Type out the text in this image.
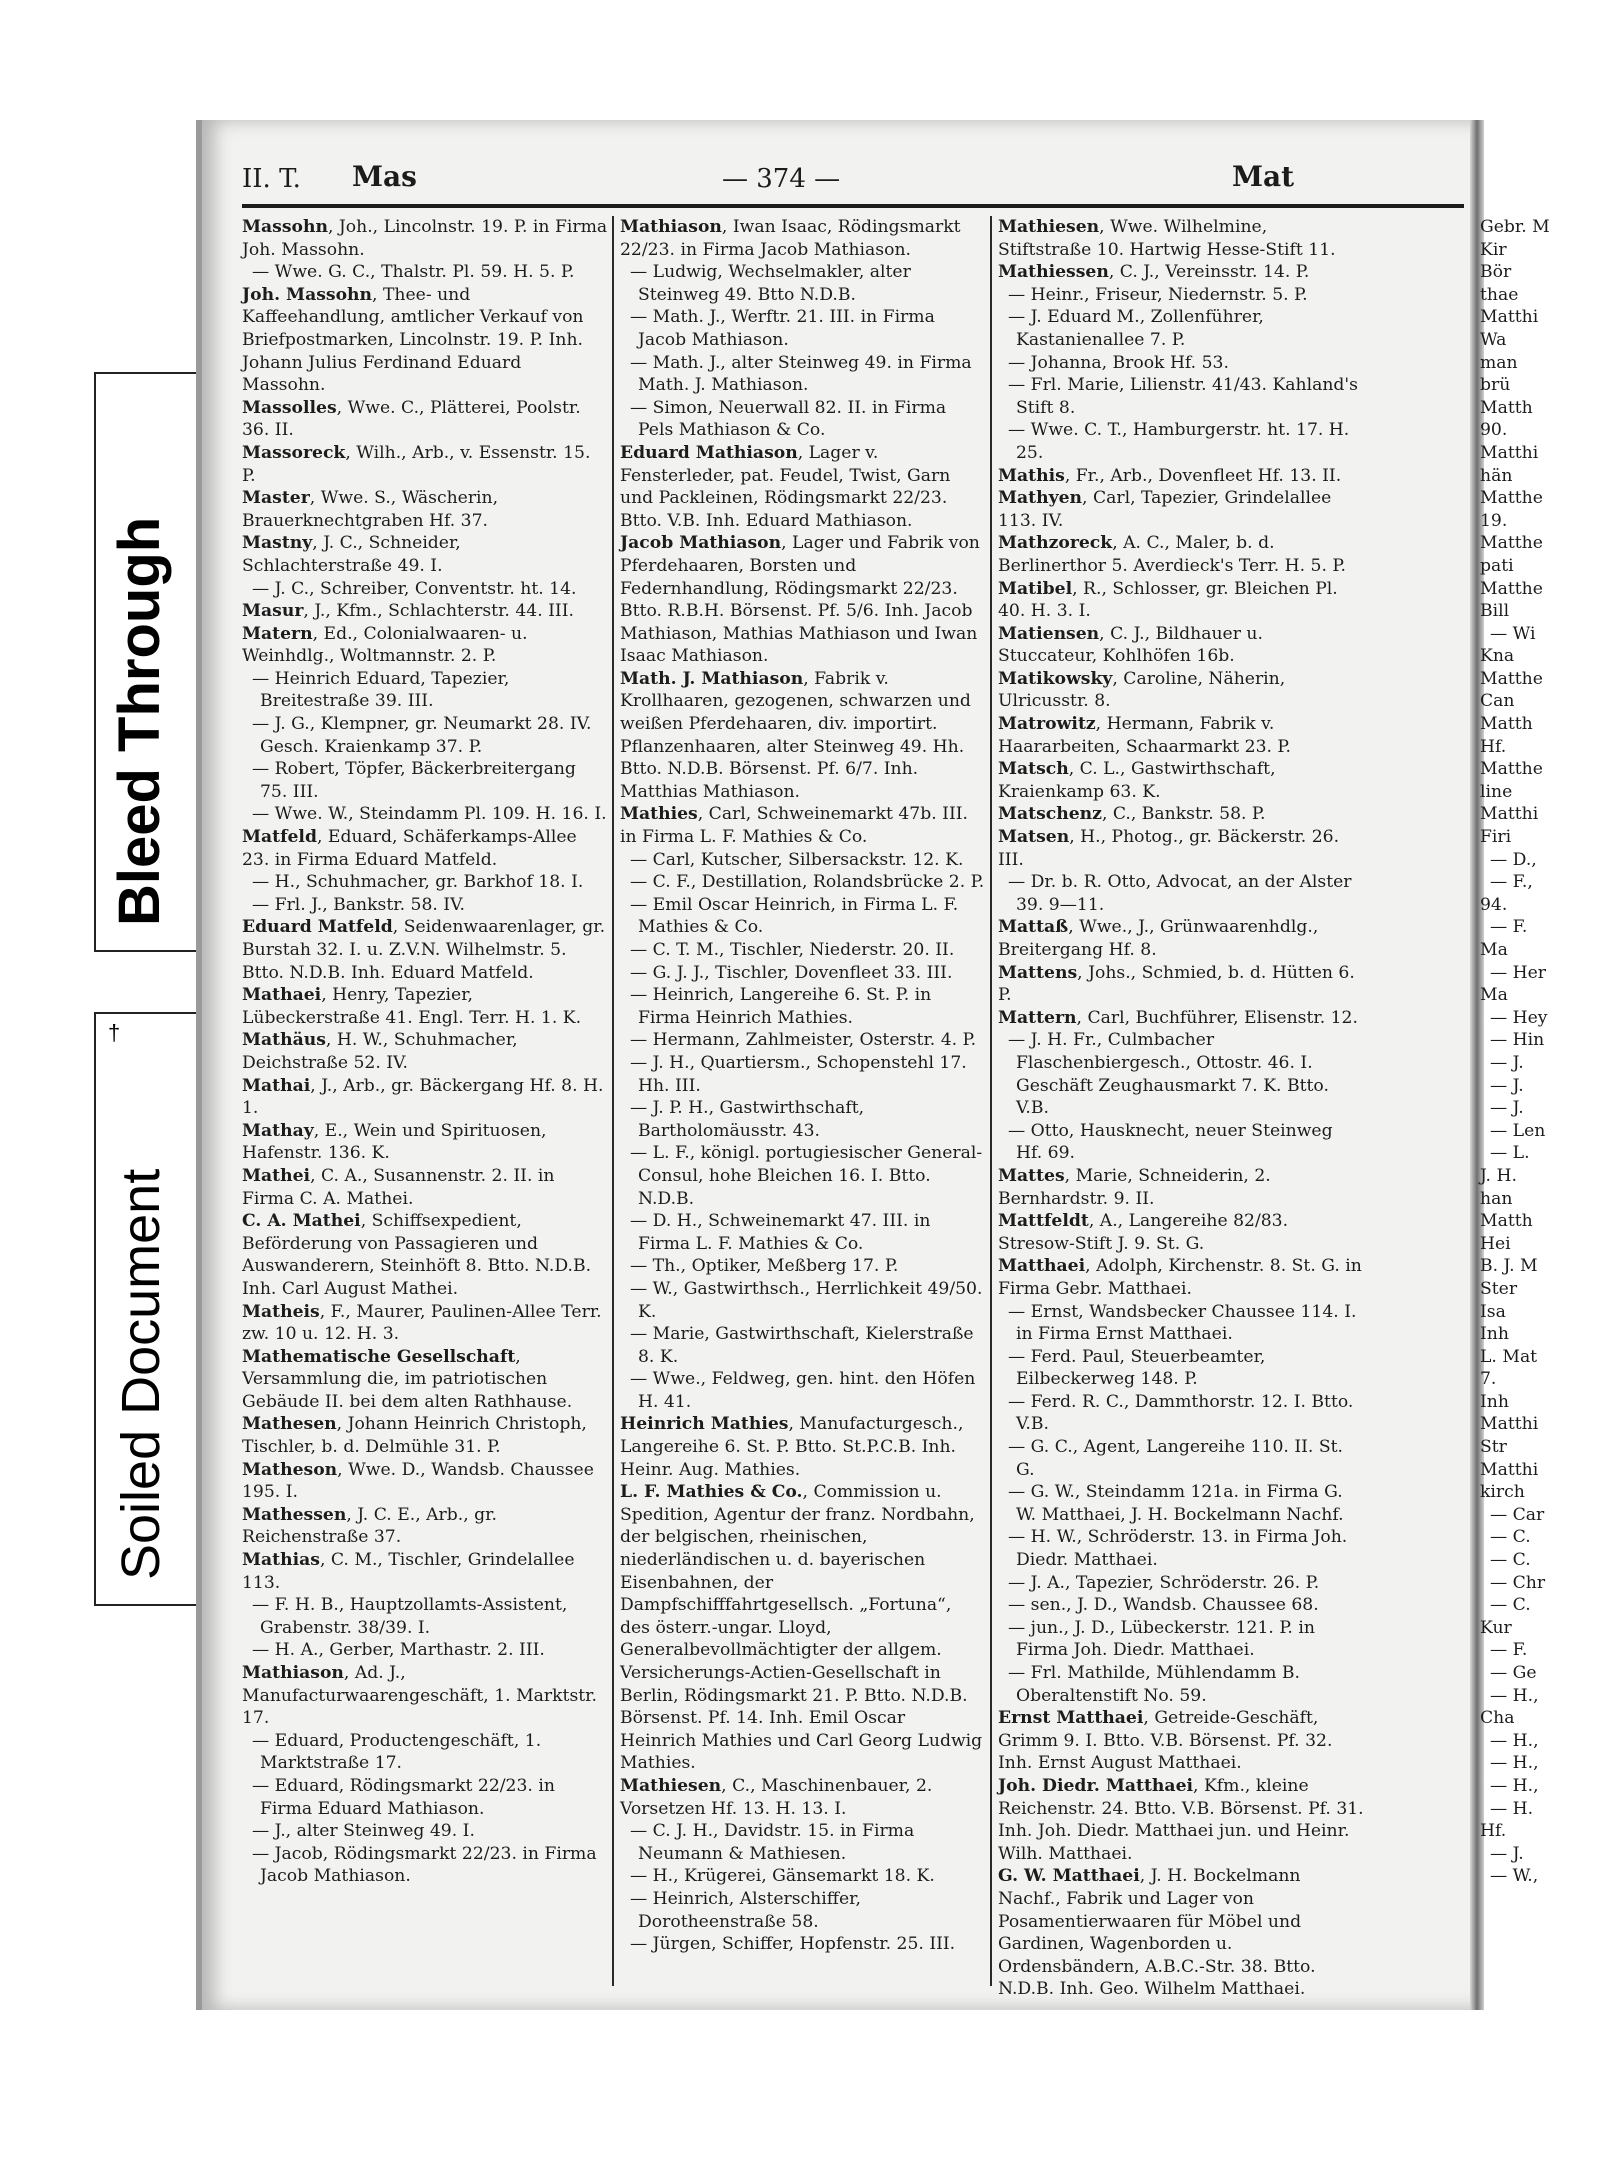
Bleed Through
†
Soiled Document
II. T. Mas	— 374 —	Mat

Massohn, Joh., Lincolnstr. 19. P. in Firma Joh. Massohn.

— Wwe. G. C., Thalstr. Pl. 59. H. 5. P.

Joh. Massohn, Thee- und Kaffeehandlung, amtlicher Verkauf von Briefpostmarken, Lincolnstr. 19. P. Inh. Johann Julius Ferdinand Eduard Massohn.

Massolles, Wwe. C., Plätterei, Poolstr. 36. II.

Massoreck, Wilh., Arb., v. Essenstr. 15. P.

Master, Wwe. S., Wäscherin, Brauerknechtgraben Hf. 37.

Mastny, J. C., Schneider, Schlachterstraße 49. I.

— J. C., Schreiber, Conventstr. ht. 14.

Masur, J., Kfm., Schlachterstr. 44. III.

Matern, Ed., Colonialwaaren- u. Weinhdlg., Woltmannstr. 2. P.

— Heinrich Eduard, Tapezier, Breitestraße 39. III.

— J. G., Klempner, gr. Neumarkt 28. IV. Gesch. Kraienkamp 37. P.

— Robert, Töpfer, Bäckerbreitergang 75. III.

— Wwe. W., Steindamm Pl. 109. H. 16. I.

Matfeld, Eduard, Schäferkamps-Allee 23. in Firma Eduard Matfeld.

— H., Schuhmacher, gr. Barkhof 18. I.

— Frl. J., Bankstr. 58. IV.

Eduard Matfeld, Seidenwaarenlager, gr. Burstah 32. I. u. Z.V.N. Wilhelmstr. 5. Btto. N.D.B. Inh. Eduard Matfeld.

Mathaei, Henry, Tapezier, Lübeckerstraße 41. Engl. Terr. H. 1. K.

Mathäus, H. W., Schuhmacher, Deichstraße 52. IV.

Mathai, J., Arb., gr. Bäckergang Hf. 8. H. 1.

Mathay, E., Wein und Spirituosen, Hafenstr. 136. K.

Mathei, C. A., Susannenstr. 2. II. in Firma C. A. Mathei.

C. A. Mathei, Schiffsexpedient, Beförderung von Passagieren und Auswanderern, Steinhöft 8. Btto. N.D.B. Inh. Carl August Mathei.

Matheis, F., Maurer, Paulinen-Allee Terr. zw. 10 u. 12. H. 3.

Mathematische Gesellschaft, Versammlung die, im patriotischen Gebäude II. bei dem alten Rathhause.

Mathesen, Johann Heinrich Christoph, Tischler, b. d. Delmühle 31. P.

Matheson, Wwe. D., Wandsb. Chaussee 195. I.

Mathessen, J. C. E., Arb., gr. Reichenstraße 37.

Mathias, C. M., Tischler, Grindelallee 113.

— F. H. B., Hauptzollamts-Assistent, Grabenstr. 38/39. I.

— H. A., Gerber, Marthastr. 2. III.

Mathiason, Ad. J., Manufacturwaarengeschäft, 1. Marktstr. 17.

— Eduard, Productengeschäft, 1. Marktstraße 17.

— Eduard, Rödingsmarkt 22/23. in Firma Eduard Mathiason.

— J., alter Steinweg 49. I.

— Jacob, Rödingsmarkt 22/23. in Firma Jacob Mathiason.

Mathiason, Iwan Isaac, Rödingsmarkt 22/23. in Firma Jacob Mathiason.

— Ludwig, Wechselmakler, alter Steinweg 49. Btto N.D.B.

— Math. J., Werftr. 21. III. in Firma Jacob Mathiason.

— Math. J., alter Steinweg 49. in Firma Math. J. Mathiason.

— Simon, Neuerwall 82. II. in Firma Pels Mathiason & Co.

Eduard Mathiason, Lager v. Fensterleder, pat. Feudel, Twist, Garn und Packleinen, Rödingsmarkt 22/23. Btto. V.B. Inh. Eduard Mathiason.

Jacob Mathiason, Lager und Fabrik von Pferdehaaren, Borsten und Federnhandlung, Rödingsmarkt 22/23. Btto. R.B.H. Börsenst. Pf. 5/6. Inh. Jacob Mathiason, Mathias Mathiason und Iwan Isaac Mathiason.

Math. J. Mathiason, Fabrik v. Krollhaaren, gezogenen, schwarzen und weißen Pferdehaaren, div. importirt. Pflanzenhaaren, alter Steinweg 49. Hh. Btto. N.D.B. Börsenst. Pf. 6/7. Inh. Matthias Mathiason.

Mathies, Carl, Schweinemarkt 47b. III. in Firma L. F. Mathies & Co.

— Carl, Kutscher, Silbersackstr. 12. K.

— C. F., Destillation, Rolandsbrücke 2. P.

— Emil Oscar Heinrich, in Firma L. F. Mathies & Co.

— C. T. M., Tischler, Niederstr. 20. II.

— G. J. J., Tischler, Dovenfleet 33. III.

— Heinrich, Langereihe 6. St. P. in Firma Heinrich Mathies.

— Hermann, Zahlmeister, Osterstr. 4. P.

— J. H., Quartiersm., Schopenstehl 17. Hh. III.

— J. P. H., Gastwirthschaft, Bartholomäusstr. 43.

— L. F., königl. portugiesischer General-Consul, hohe Bleichen 16. I. Btto. N.D.B.

— D. H., Schweinemarkt 47. III. in Firma L. F. Mathies & Co.

— Th., Optiker, Meßberg 17. P.

— W., Gastwirthsch., Herrlichkeit 49/50. K.

— Marie, Gastwirthschaft, Kielerstraße 8. K.

— Wwe., Feldweg, gen. hint. den Höfen H. 41.

Heinrich Mathies, Manufacturgesch., Langereihe 6. St. P. Btto. St.P.C.B. Inh. Heinr. Aug. Mathies.

L. F. Mathies & Co., Commission u. Spedition, Agentur der franz. Nordbahn, der belgischen, rheinischen, niederländischen u. d. bayerischen Eisenbahnen, der Dampfschifffahrtgesellsch. „Fortuna“, des österr.-ungar. Lloyd, Generalbevollmächtigter der allgem. Versicherungs-Actien-Gesellschaft in Berlin, Rödingsmarkt 21. P. Btto. N.D.B. Börsenst. Pf. 14. Inh. Emil Oscar Heinrich Mathies und Carl Georg Ludwig Mathies.

Mathiesen, C., Maschinenbauer, 2. Vorsetzen Hf. 13. H. 13. I.

— C. J. H., Davidstr. 15. in Firma Neumann & Mathiesen.

— H., Krügerei, Gänsemarkt 18. K.

— Heinrich, Alsterschiffer, Dorotheenstraße 58.

— Jürgen, Schiffer, Hopfenstr. 25. III.

Mathiesen, Wwe. Wilhelmine, Stiftstraße 10. Hartwig Hesse-Stift 11.

Mathiessen, C. J., Vereinsstr. 14. P.

— Heinr., Friseur, Niedernstr. 5. P.

— J. Eduard M., Zollenführer, Kastanienallee 7. P.

— Johanna, Brook Hf. 53.

— Frl. Marie, Lilienstr. 41/43. Kahland's Stift 8.

— Wwe. C. T., Hamburgerstr. ht. 17. H. 25.

Mathis, Fr., Arb., Dovenfleet Hf. 13. II.

Mathyen, Carl, Tapezier, Grindelallee 113. IV.

Mathzoreck, A. C., Maler, b. d. Berlinerthor 5. Averdieck's Terr. H. 5. P.

Matibel, R., Schlosser, gr. Bleichen Pl. 40. H. 3. I.

Matiensen, C. J., Bildhauer u. Stuccateur, Kohlhöfen 16b.

Matikowsky, Caroline, Näherin, Ulricusstr. 8.

Matrowitz, Hermann, Fabrik v. Haararbeiten, Schaarmarkt 23. P.

Matsch, C. L., Gastwirthschaft, Kraienkamp 63. K.

Matschenz, C., Bankstr. 58. P.

Matsen, H., Photog., gr. Bäckerstr. 26. III.

— Dr. b. R. Otto, Advocat, an der Alster 39. 9—11.

Mattaß, Wwe., J., Grünwaarenhdlg., Breitergang Hf. 8.

Mattens, Johs., Schmied, b. d. Hütten 6. P.

Mattern, Carl, Buchführer, Elisenstr. 12.

— J. H. Fr., Culmbacher Flaschenbiergesch., Ottostr. 46. I. Geschäft Zeughausmarkt 7. K. Btto. V.B.

— Otto, Hausknecht, neuer Steinweg Hf. 69.

Mattes, Marie, Schneiderin, 2. Bernhardstr. 9. II.

Mattfeldt, A., Langereihe 82/83. Stresow-Stift J. 9. St. G.

Matthaei, Adolph, Kirchenstr. 8. St. G. in Firma Gebr. Matthaei.

— Ernst, Wandsbecker Chaussee 114. I. in Firma Ernst Matthaei.

— Ferd. Paul, Steuerbeamter, Eilbeckerweg 148. P.

— Ferd. R. C., Dammthorstr. 12. I. Btto. V.B.

— G. C., Agent, Langereihe 110. II. St. G.

— G. W., Steindamm 121a. in Firma G. W. Matthaei, J. H. Bockelmann Nachf.

— H. W., Schröderstr. 13. in Firma Joh. Diedr. Matthaei.

— J. A., Tapezier, Schröderstr. 26. P.

— sen., J. D., Wandsb. Chaussee 68.

— jun., J. D., Lübeckerstr. 121. P. in Firma Joh. Diedr. Matthaei.

— Frl. Mathilde, Mühlendamm B. Oberaltenstift No. 59.

Ernst Matthaei, Getreide-Geschäft, Grimm 9. I. Btto. V.B. Börsenst. Pf. 32. Inh. Ernst August Matthaei.

Joh. Diedr. Matthaei, Kfm., kleine Reichenstr. 24. Btto. V.B. Börsenst. Pf. 31. Inh. Joh. Diedr. Matthaei jun. und Heinr. Wilh. Matthaei.

G. W. Matthaei, J. H. Bockelmann Nachf., Fabrik und Lager von Posamentierwaaren für Möbel und Gardinen, Wagenborden u. Ordensbändern, A.B.C.-Str. 38. Btto. N.D.B. Inh. Geo. Wilhelm Matthaei.

Gebr. M

Kir

Bör

thae

Matthi

Wa

man

brü

Matth

90.

Matthi

hän

Matthe

19.

Matthe

pati

Matthe

Bill

— Wi

Kna

Matthe

Can

Matth

Hf.

Matthe

line

Matthi

Firi

— D.,

— F.,

94.

— F.

Ma

— Her

Ma

— Hey

— Hin

— J.

— J.

— J.

— Len

— L.

J. H.

han

Matth

Hei

B. J. M

Ster

Isa

Inh

L. Mat

7.

Inh

Matthi

Str

Matthi

kirch

— Car

— C.

— C.

— Chr

— C.

Kur

— F.

— Ge

— H.,

Cha

— H.,

— H.,

— H.,

— H.

Hf.

— J.

— W.,
